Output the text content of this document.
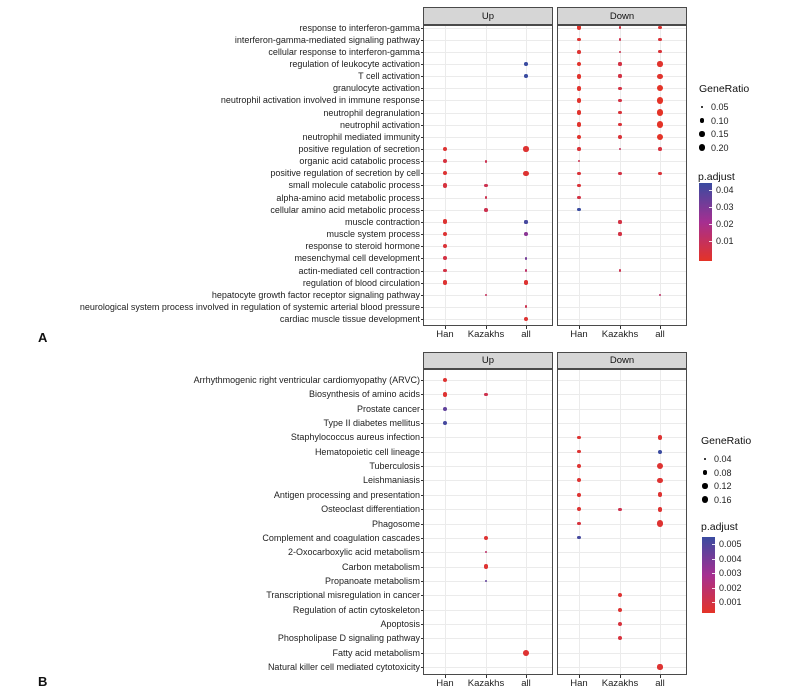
A
response to interferon-gamma
interferon-gamma-mediated signaling pathway
cellular response to interferon-gamma
regulation of leukocyte activation
T cell activation
granulocyte activation
neutrophil activation involved in immune response
neutrophil degranulation
neutrophil activation
neutrophil mediated immunity
positive regulation of secretion
organic acid catabolic process
positive regulation of secretion by cell
small molecule catabolic process
alpha-amino acid metabolic process
cellular amino acid metabolic process
muscle contraction
muscle system process
response to steroid hormone
mesenchymal cell development
actin-mediated cell contraction
regulation of blood circulation
hepatocyte growth factor receptor signaling pathway
neurological system process involved in regulation of systemic arterial blood pressure
cardiac muscle tissue development
Up
Han	Kazakhs	all
Down
Han	Kazakhs	all
GeneRatio
0.05
0.10
0.15
0.20
p.adjust
0.04
0.03
0.02
0.01
B
Arrhythmogenic right ventricular cardiomyopathy (ARVC)
Biosynthesis of amino acids
Prostate cancer
Type II diabetes mellitus
Staphylococcus aureus infection
Hematopoietic cell lineage
Tuberculosis
Leishmaniasis
Antigen processing and presentation
Osteoclast differentiation
Phagosome
Complement and coagulation cascades
2-Oxocarboxylic acid metabolism
Carbon metabolism
Propanoate metabolism
Transcriptional misregulation in cancer
Regulation of actin cytoskeleton
Apoptosis
Phospholipase D signaling pathway
Fatty acid metabolism
Natural killer cell mediated cytotoxicity
Up
Han	Kazakhs	all
Down
Han	Kazakhs	all
GeneRatio
0.04
0.08
0.12
0.16
p.adjust
0.005
0.004
0.003
0.002
0.001
